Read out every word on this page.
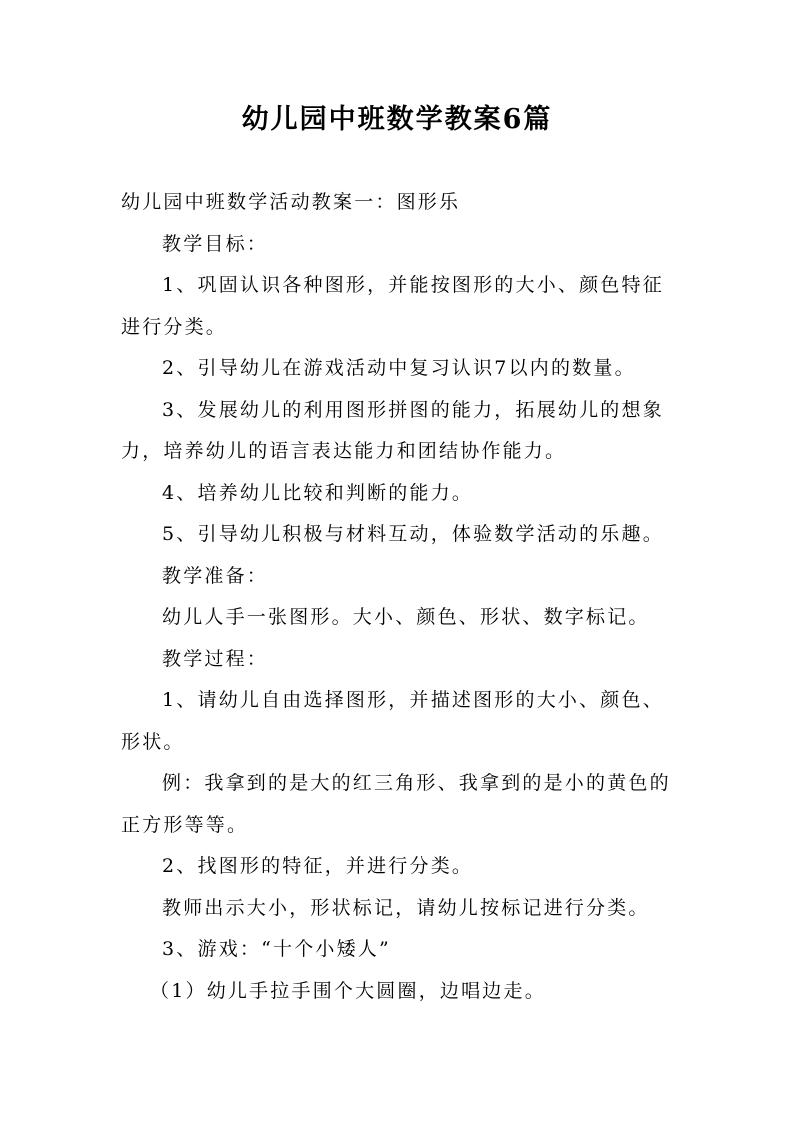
幼儿园中班数学教案6篇
幼儿园中班数学活动教案一：图形乐
教学目标：
1、巩固认识各种图形，并能按图形的大小、颜色特征
进行分类。
2、引导幼儿在游戏活动中复习认识7以内的数量。
3、发展幼儿的利用图形拼图的能力，拓展幼儿的想象
力，培养幼儿的语言表达能力和团结协作能力。
4、培养幼儿比较和判断的能力。
5、引导幼儿积极与材料互动，体验数学活动的乐趣。
教学准备：
幼儿人手一张图形。大小、颜色、形状、数字标记。
教学过程：
1、请幼儿自由选择图形，并描述图形的大小、颜色、
形状。
例：我拿到的是大的红三角形、我拿到的是小的黄色的
正方形等等。
2、找图形的特征，并进行分类。
教师出示大小，形状标记，请幼儿按标记进行分类。
3、游戏：“十个小矮人”
（1）幼儿手拉手围个大圆圈，边唱边走。
